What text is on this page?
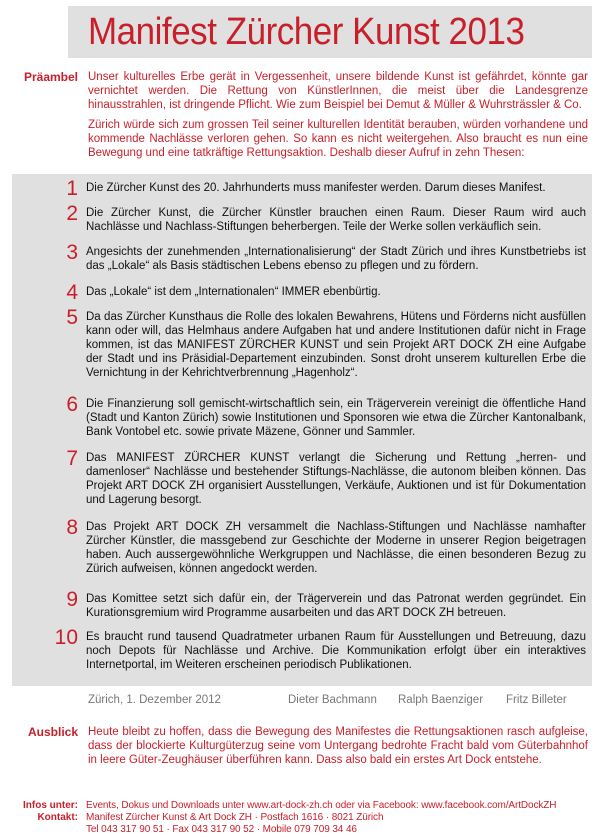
Manifest Zürcher Kunst 2013
Präambel Unser kulturelles Erbe gerät in Vergessenheit, unsere bildende Kunst ist gefährdet, könnte gar vernichtet werden. Die Rettung von KünstlerInnen, die meist über die Landesgrenze hinausstrahlen, ist dringende Pflicht. Wie zum Beispiel bei Demut & Müller & Wuhrsträssler & Co.

Zürich würde sich zum grossen Teil seiner kulturellen Identität berauben, würden vorhandene und kommende Nachlässe verloren gehen. So kann es nicht weitergehen. Also braucht es nun eine Bewegung und eine tatkräftige Rettungsaktion. Deshalb dieser Aufruf in zehn Thesen:

1 Die Zürcher Kunst des 20. Jahrhunderts muss manifester werden. Darum dieses Manifest.
2 Die Zürcher Kunst, die Zürcher Künstler brauchen einen Raum. Dieser Raum wird auch Nachlässe und Nachlass-Stiftungen beherbergen. Teile der Werke sollen verkäuflich sein.
3 Angesichts der zunehmenden „Internationalisierung“ der Stadt Zürich und ihres Kunstbetriebs ist das „Lokale“ als Basis städtischen Lebens ebenso zu pflegen und zu fördern.
4 Das „Lokale“ ist dem „Internationalen“ IMMER ebenbürtig.
5 Da das Zürcher Kunsthaus die Rolle des lokalen Bewahrens, Hütens und Förderns nicht ausfüllen kann oder will, das Helmhaus andere Aufgaben hat und andere Institutionen dafür nicht in Frage kommen, ist das MANIFEST ZÜRCHER KUNST und sein Projekt ART DOCK ZH eine Aufgabe der Stadt und ins Präsidial-Departement einzubinden. Sonst droht unserem kulturellen Erbe die Vernichtung in der Kehrichtverbrennung „Hagenholz“.
6 Die Finanzierung soll gemischt-wirtschaftlich sein, ein Trägerverein vereinigt die öffentliche Hand (Stadt und Kanton Zürich) sowie Institutionen und Sponsoren wie etwa die Zürcher Kantonalbank, Bank Vontobel etc. sowie private Mäzene, Gönner und Sammler.
7 Das MANIFEST ZÜRCHER KUNST verlangt die Sicherung und Rettung „herren- und damenloser“ Nachlässe und bestehender Stiftungs-Nachlässe, die autonom bleiben können. Das Projekt ART DOCK ZH organisiert Ausstellungen, Verkäufe, Auktionen und ist für Dokumentation und Lagerung besorgt.
8 Das Projekt ART DOCK ZH versammelt die Nachlass-Stiftungen und Nachlässe namhafter Zürcher Künstler, die massgebend zur Geschichte der Moderne in unserer Region beigetragen haben. Auch aussergewöhnliche Werkgruppen und Nachlässe, die einen besonderen Bezug zu Zürich aufweisen, können angedockt werden.
9 Das Komittee setzt sich dafür ein, der Trägerverein und das Patronat werden gegründet. Ein Kurationsgremium wird Programme ausarbeiten und das ART DOCK ZH betreuen.
10 Es braucht rund tausend Quadratmeter urbanen Raum für Ausstellungen und Betreuung, dazu noch Depots für Nachlässe und Archive. Die Kommunikation erfolgt über ein interaktives Internetportal, im Weiteren erscheinen periodisch Publikationen.
Zürich, 1. Dezember 2012	Dieter Bachmann Ralph Baenziger Fritz Billeter
Ausblick Heute bleibt zu hoffen, dass die Bewegung des Manifestes die Rettungsaktionen rasch aufgleise, dass der blockierte Kulturgüterzug seine vom Untergang bedrohte Fracht bald vom Güterbahnhof in leere Güter-Zeughäuser überführen kann. Dass also bald ein erstes Art Dock entstehe.
Infos unter: Events, Dokus und Downloads unter www.art-dock-zh.ch oder via Facebook: www.facebook.com/ArtDockZH
Kontakt: Manifest Zürcher Kunst & Art Dock ZH · Postfach 1616 · 8021 Zürich
Tel 043 317 90 51 · Fax 043 317 90 52 · Mobile 079 709 34 46
